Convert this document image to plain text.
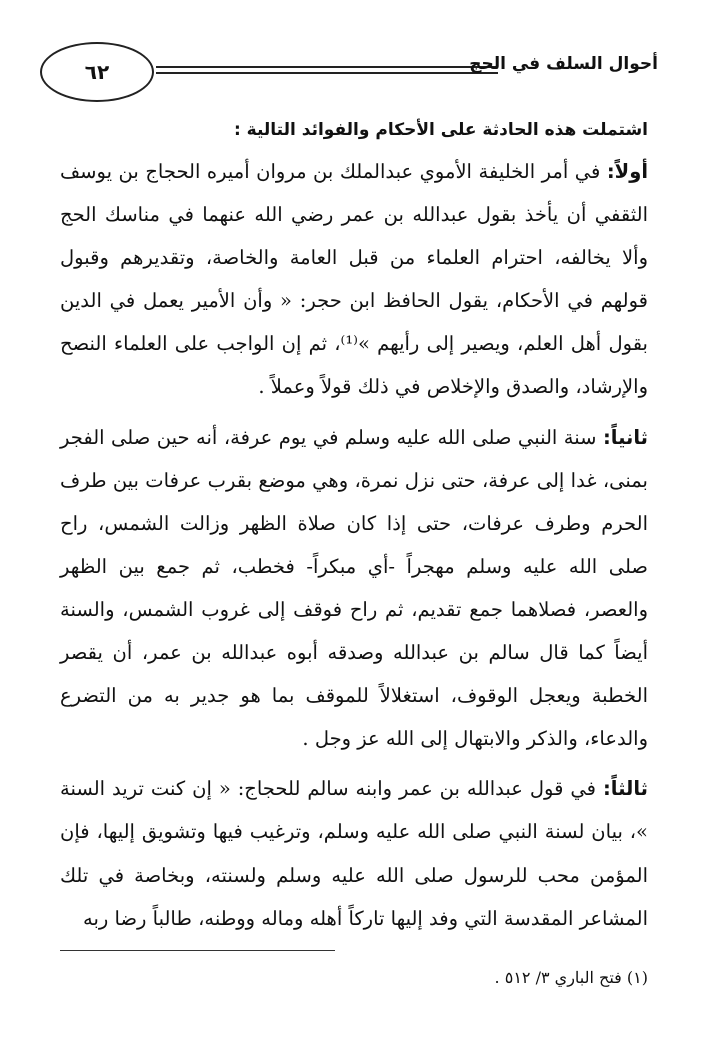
٦٢	أحوال السلف في الحج
اشتملت هذه الحادثة على الأحكام والفوائد التالية :

أولاً: في أمر الخليفة الأموي عبدالملك بن مروان أميره الحجاج بن يوسف الثقفي أن يأخذ بقول عبدالله بن عمر رضي الله عنهما في مناسك الحج وألا يخالفه، احترام العلماء من قبل العامة والخاصة، وتقديرهم وقبول قولهم في الأحكام، يقول الحافظ ابن حجر: « وأن الأمير يعمل في الدين بقول أهل العلم، ويصير إلى رأيهم »⁽¹⁾، ثم إن الواجب على العلماء النصح والإرشاد، والصدق والإخلاص في ذلك قولاً وعملاً .

ثانياً: سنة النبي صلى الله عليه وسلم في يوم عرفة، أنه حين صلى الفجر بمنى، غدا إلى عرفة، حتى نزل نمرة، وهي موضع بقرب عرفات بين طرف الحرم وطرف عرفات، حتى إذا كان صلاة الظهر وزالت الشمس، راح صلى الله عليه وسلم مهجراً -أي مبكراً- فخطب، ثم جمع بين الظهر والعصر، فصلاهما جمع تقديم، ثم راح فوقف إلى غروب الشمس، والسنة أيضاً كما قال سالم بن عبدالله وصدقه أبوه عبدالله بن عمر، أن يقصر الخطبة ويعجل الوقوف، استغلالاً للموقف بما هو جدير به من التضرع والدعاء، والذكر والابتهال إلى الله عز وجل .

ثالثاً: في قول عبدالله بن عمر وابنه سالم للحجاج: « إن كنت تريد السنة »، بيان لسنة النبي صلى الله عليه وسلم، وترغيب فيها وتشويق إليها، فإن المؤمن محب للرسول صلى الله عليه وسلم ولسنته، وبخاصة في تلك المشاعر المقدسة التي وفد إليها تاركاً أهله وماله ووطنه، طالباً رضا ربه

(١) فتح الباري ٣/ ٥١٢ .
